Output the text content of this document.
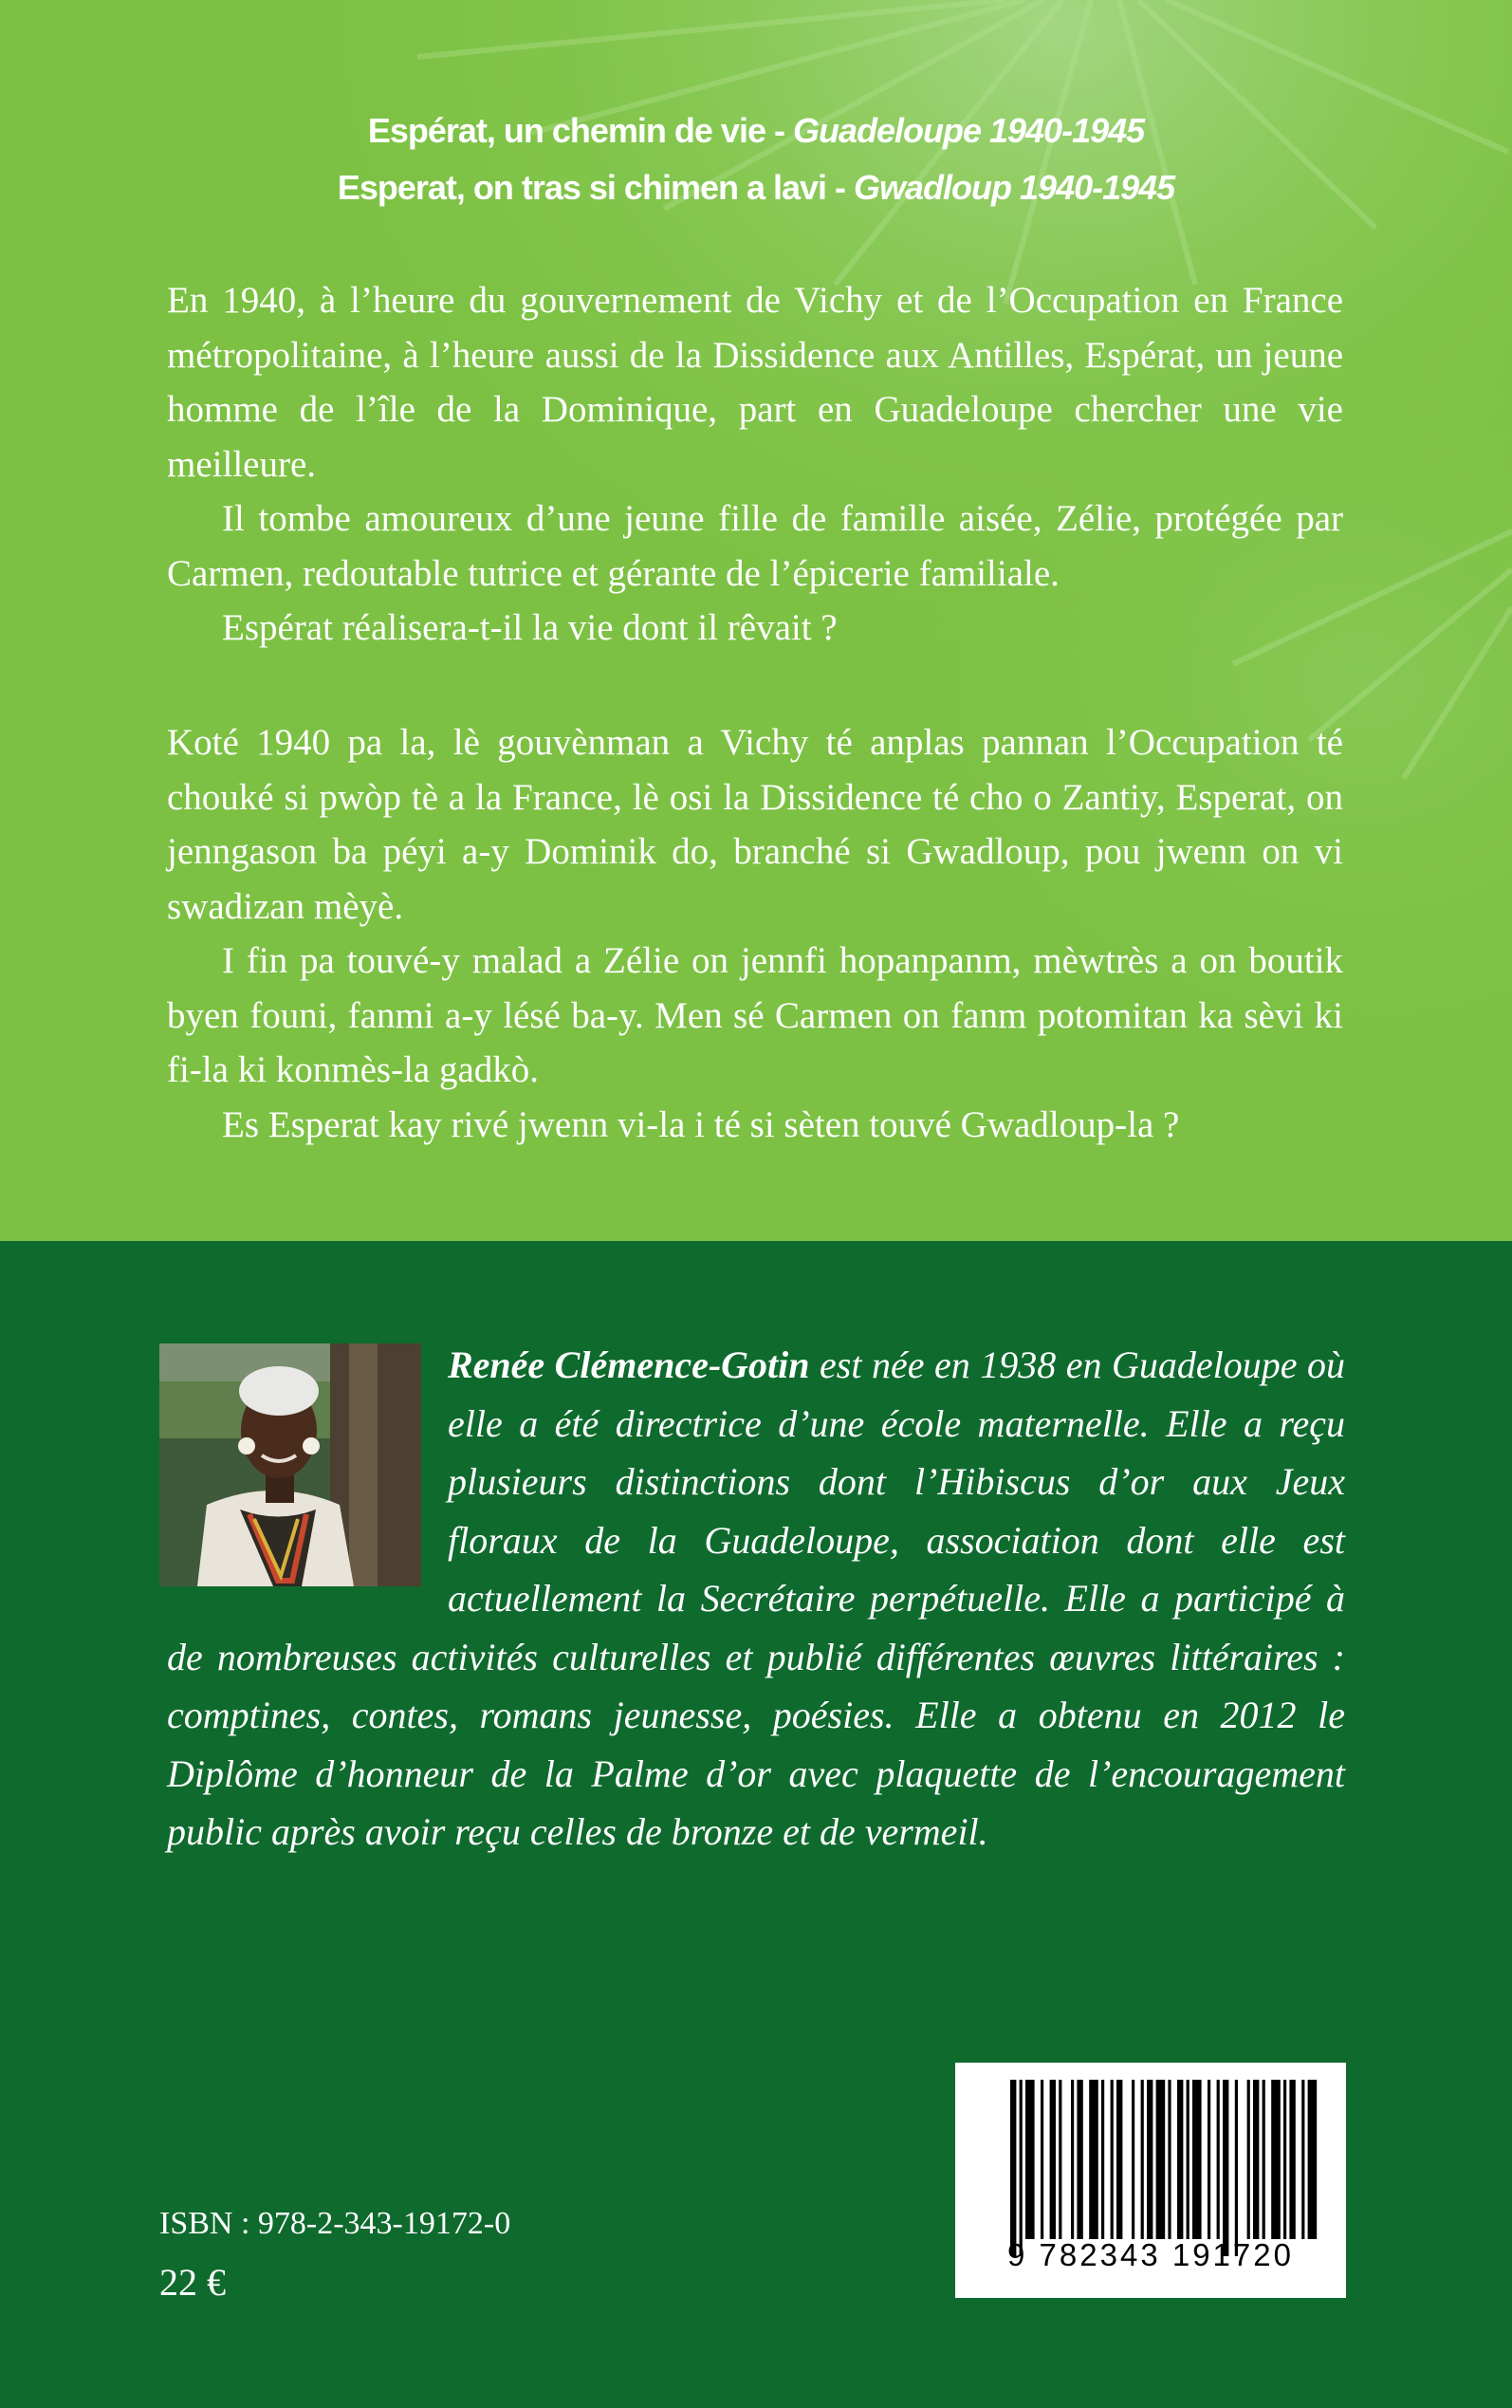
Espérat, un chemin de vie - Guadeloupe 1940-1945
Esperat, on tras si chimen a lavi - Gwadloup 1940-1945

En 1940, à l’heure du gouvernement de Vichy et de l’Occupation en France métropolitaine, à l’heure aussi de la Dissidence aux Antilles, Espérat, un jeune homme de l’île de la Dominique, part en Guadeloupe chercher une vie meilleure.

Il tombe amoureux d’une jeune fille de famille aisée, Zélie, protégée par Carmen, redoutable tutrice et gérante de l’épicerie familiale.

Espérat réalisera-t-il la vie dont il rêvait ?

Koté 1940 pa la, lè gouvènman a Vichy té anplas pannan l’Occupation té chouké si pwòp tè a la France, lè osi la Dissidence té cho o Zantiy, Esperat, on jenngason ba péyi a-y Dominik do, branché si Gwadloup, pou jwenn on vi swadizan mèyè.

I fin pa touvé-y malad a Zélie on jennfi hopanpanm, mèwtrès a on boutik byen founi, fanmi a-y lésé ba-y. Men sé Carmen on fanm potomitan ka sèvi ki fi-la ki konmès-la gadkò.

Es Esperat kay rivé jwenn vi-la i té si sèten touvé Gwadloup-la ?

Renée Clémence-Gotin est née en 1938 en Guadeloupe où elle a été directrice d’une école maternelle. Elle a reçu plusieurs distinctions dont l’Hibiscus d’or aux Jeux floraux de la Guadeloupe, association dont elle est actuellement la Secrétaire perpétuelle. Elle a participé à de nombreuses activités culturelles et publié différentes œuvres littéraires : comptines, contes, romans jeunesse, poésies. Elle a obtenu en 2012 le Diplôme d’honneur de la Palme d’or avec plaquette de l’encouragement public après avoir reçu celles de bronze et de vermeil.
ISBN : 978-2-343-19172-0
22 €
9 782343 191720
